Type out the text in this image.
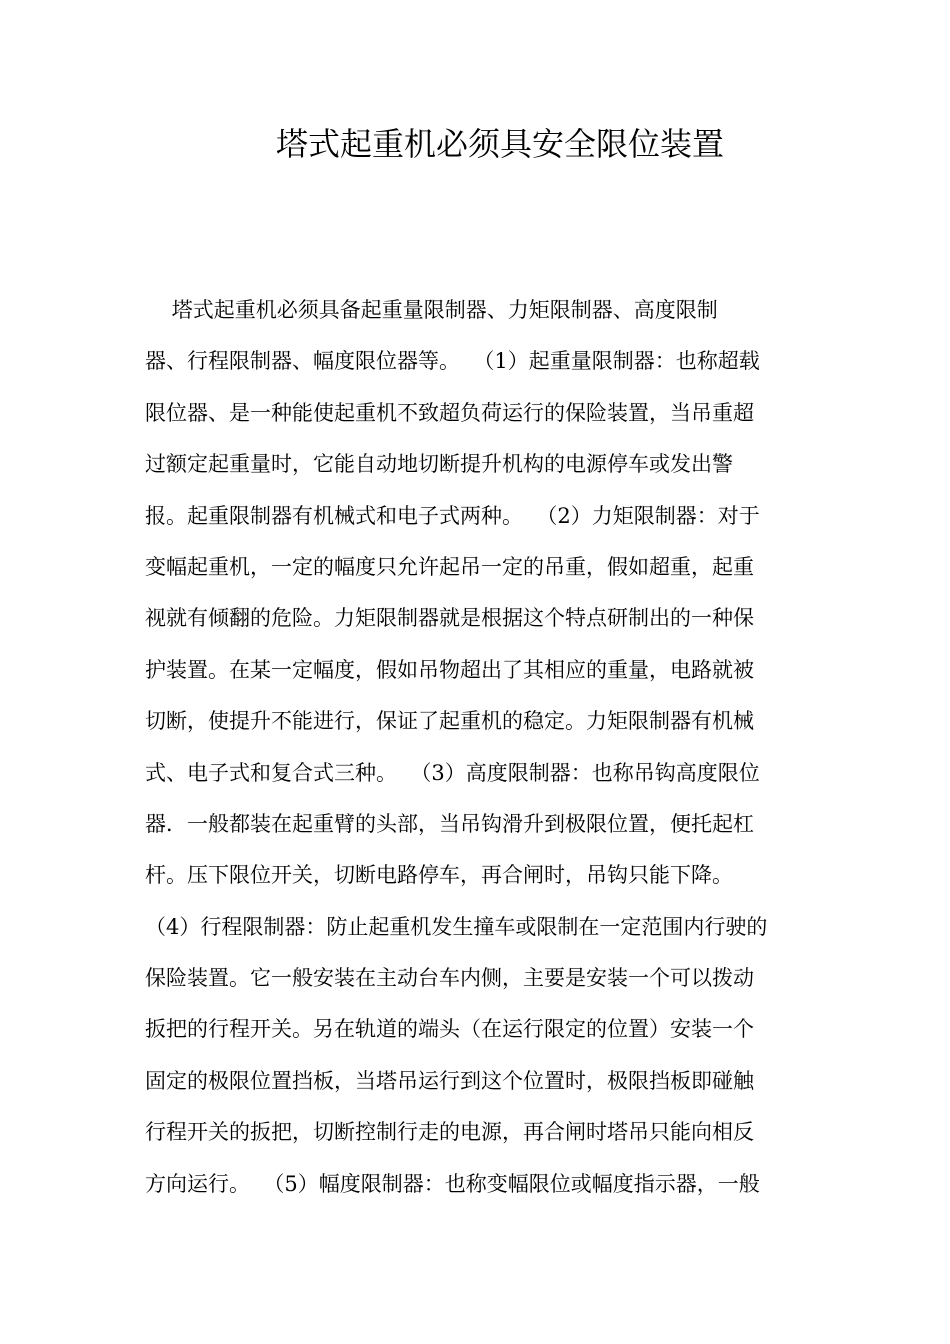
塔式起重机必须具安全限位装置
塔式起重机必须具备起重量限制器、力矩限制器、高度限制
器、行程限制器、幅度限位器等。  （1）起重量限制器：也称超载
限位器、是一种能使起重机不致超负荷运行的保险装置，当吊重超
过额定起重量时，它能自动地切断提升机构的电源停车或发出警
报。起重限制器有机械式和电子式两种。  （2）力矩限制器：对于
变幅起重机，一定的幅度只允许起吊一定的吊重，假如超重，起重
视就有倾翻的危险。力矩限制器就是根据这个特点研制出的一种保
护装置。在某一定幅度，假如吊物超出了其相应的重量，电路就被
切断，使提升不能进行，保证了起重机的稳定。力矩限制器有机械
式、电子式和复合式三种。  （3）高度限制器：也称吊钩高度限位
器．一般都装在起重臂的头部，当吊钩滑升到极限位置，便托起杠
杆。压下限位开关，切断电路停车，再合闸时，吊钩只能下降。
（4）行程限制器：防止起重机发生撞车或限制在一定范围内行驶的
保险装置。它一般安装在主动台车内侧，主要是安装一个可以拨动
扳把的行程开关。另在轨道的端头（在运行限定的位置）安装一个
固定的极限位置挡板，当塔吊运行到这个位置时，极限挡板即碰触
行程开关的扳把，切断控制行走的电源，再合闸时塔吊只能向相反
方向运行。  （5）幅度限制器：也称变幅限位或幅度指示器，一般
